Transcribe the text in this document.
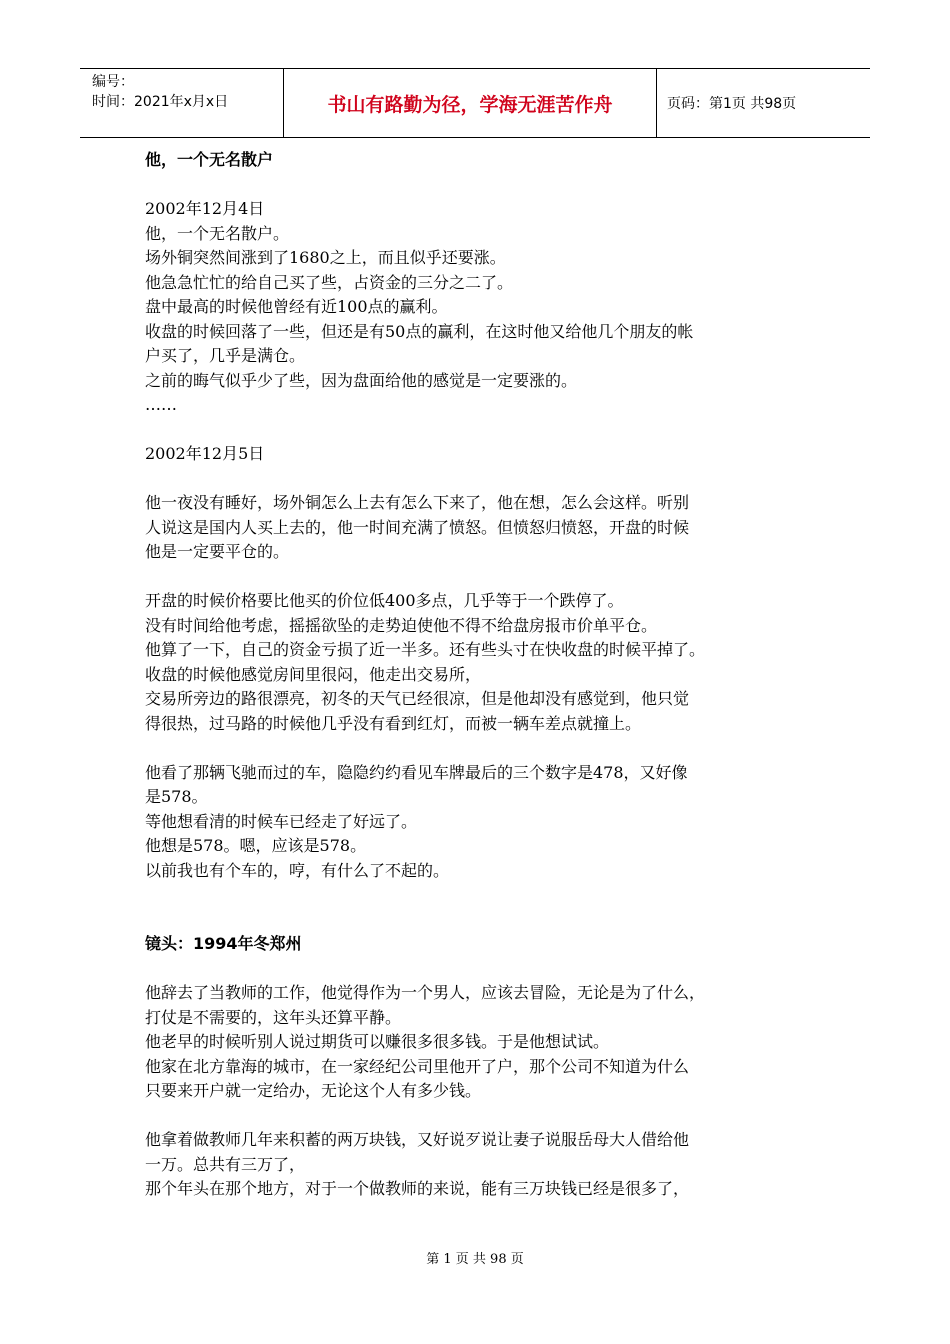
编号：
时间：2021年x月x日	书山有路勤为径，学海无涯苦作舟	页码：第1页 共98页

他，一个无名散户

2002年12月4日

他，一个无名散户。

场外铜突然间涨到了1680之上，而且似乎还要涨。

他急急忙忙的给自己买了些，占资金的三分之二了。

盘中最高的时候他曾经有近100点的赢利。

收盘的时候回落了一些，但还是有50点的赢利，在这时他又给他几个朋友的帐

户买了，几乎是满仓。

之前的晦气似乎少了些，因为盘面给他的感觉是一定要涨的。

……

2002年12月5日

他一夜没有睡好，场外铜怎么上去有怎么下来了，他在想，怎么会这样。听别

人说这是国内人买上去的，他一时间充满了愤怒。但愤怒归愤怒，开盘的时候

他是一定要平仓的。

开盘的时候价格要比他买的价位低400多点，几乎等于一个跌停了。

没有时间给他考虑，摇摇欲坠的走势迫使他不得不给盘房报市价单平仓。

他算了一下，自己的资金亏损了近一半多。还有些头寸在快收盘的时候平掉了。

收盘的时候他感觉房间里很闷，他走出交易所，

交易所旁边的路很漂亮，初冬的天气已经很凉，但是他却没有感觉到，他只觉

得很热，过马路的时候他几乎没有看到红灯，而被一辆车差点就撞上。

他看了那辆飞驰而过的车，隐隐约约看见车牌最后的三个数字是478，又好像

是578。

等他想看清的时候车已经走了好远了。

他想是578。嗯，应该是578。

以前我也有个车的，哼，有什么了不起的。

镜头：1994年冬郑州

他辞去了当教师的工作，他觉得作为一个男人，应该去冒险，无论是为了什么，

打仗是不需要的，这年头还算平静。

他老早的时候听别人说过期货可以赚很多很多钱。于是他想试试。

他家在北方靠海的城市，在一家经纪公司里他开了户，那个公司不知道为什么

只要来开户就一定给办，无论这个人有多少钱。

他拿着做教师几年来积蓄的两万块钱，又好说歹说让妻子说服岳母大人借给他

一万。总共有三万了，

那个年头在那个地方，对于一个做教师的来说，能有三万块钱已经是很多了，

第 1 页 共 98 页
